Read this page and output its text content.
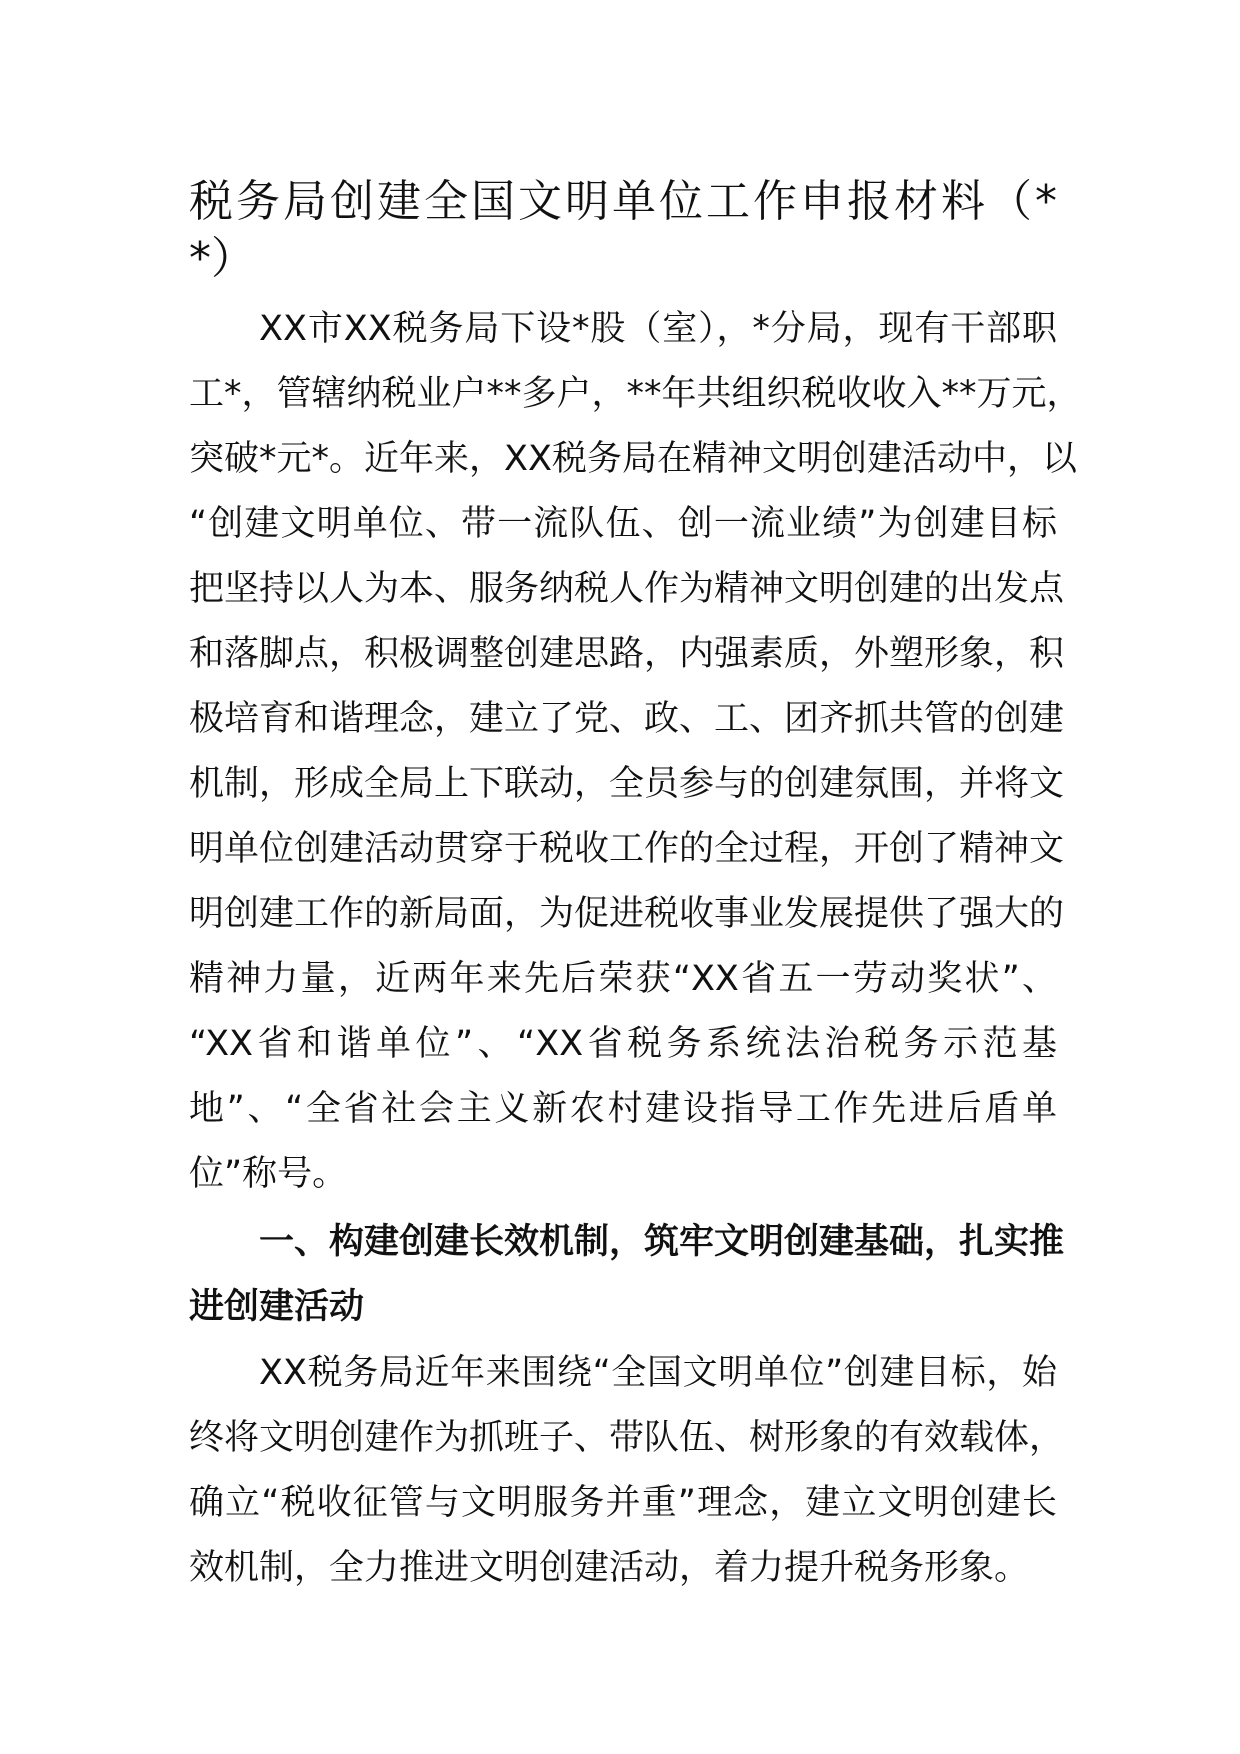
税务局创建全国文明单位工作申报材料（*
*）
XX市XX税务局下设*股（室），*分局，现有干部职
工*，管辖纳税业户**多户，**年共组织税收收入**万元，
突破*元*。近年来，XX税务局在精神文明创建活动中，以
“创建文明单位、带一流队伍、创一流业绩”为创建目标
把坚持以人为本、服务纳税人作为精神文明创建的出发点
和落脚点，积极调整创建思路，内强素质，外塑形象，积
极培育和谐理念，建立了党、政、工、团齐抓共管的创建
机制，形成全局上下联动，全员参与的创建氛围，并将文
明单位创建活动贯穿于税收工作的全过程，开创了精神文
明创建工作的新局面，为促进税收事业发展提供了强大的
精神力量，近两年来先后荣获“XX省五一劳动奖状”、
“XX省和谐单位”、“XX省税务系统法治税务示范基
地”、“全省社会主义新农村建设指导工作先进后盾单
位”称号。
一、构建创建长效机制，筑牢文明创建基础，扎实推
进创建活动
XX税务局近年来围绕“全国文明单位”创建目标，始
终将文明创建作为抓班子、带队伍、树形象的有效载体，
确立“税收征管与文明服务并重”理念，建立文明创建长
效机制，全力推进文明创建活动，着力提升税务形象。
